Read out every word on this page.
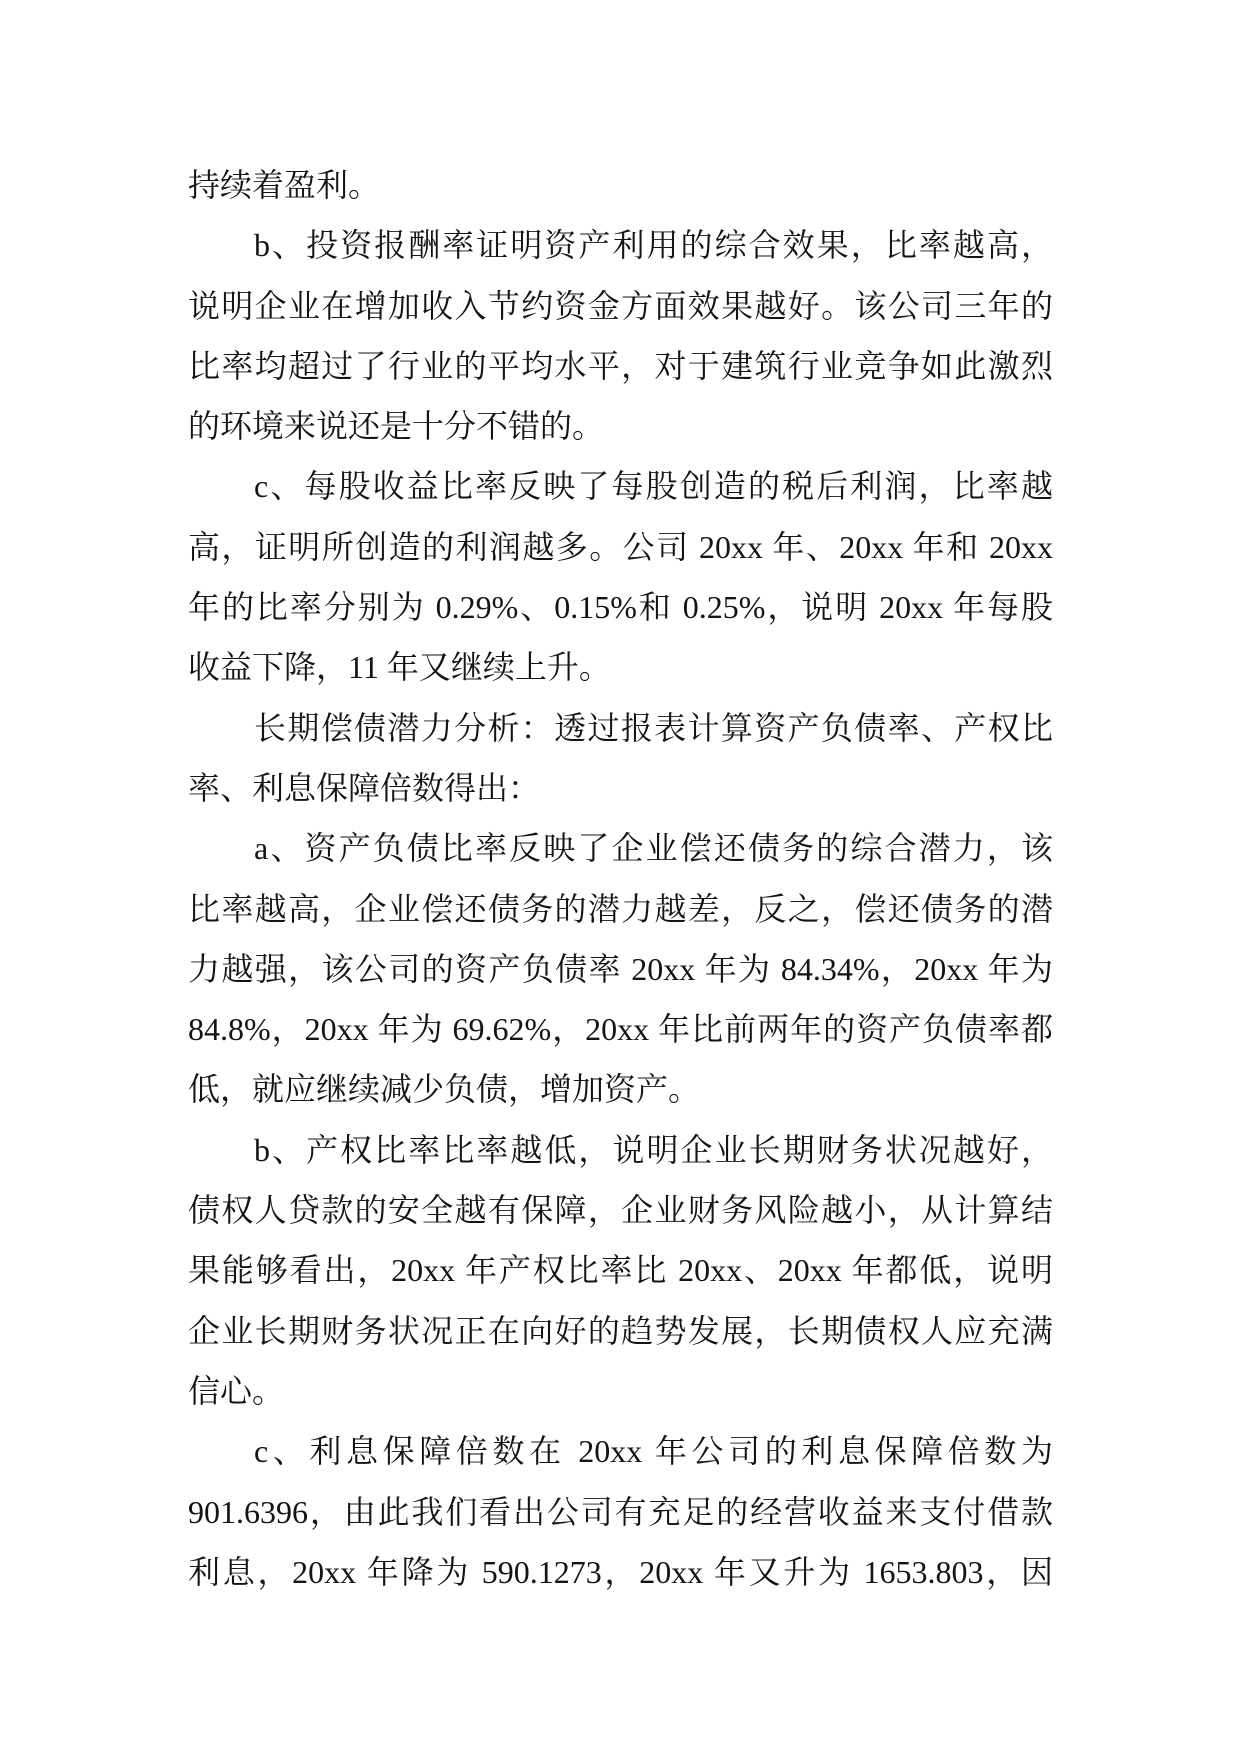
持续着盈利。

b、投资报酬率证明资产利用的综合效果，比率越高，
说明企业在增加收入节约资金方面效果越好。该公司三年的
比率均超过了行业的平均水平，对于建筑行业竞争如此激烈
的环境来说还是十分不错的。

c、每股收益比率反映了每股创造的税后利润，比率越
高，证明所创造的利润越多。公司 20xx 年、20xx 年和 20xx
年的比率分别为 0.29%、0.15%和 0.25%，说明 20xx 年每股
收益下降，11 年又继续上升。

长期偿债潜力分析：透过报表计算资产负债率、产权比
率、利息保障倍数得出：

a、资产负债比率反映了企业偿还债务的综合潜力，该
比率越高，企业偿还债务的潜力越差，反之，偿还债务的潜
力越强，该公司的资产负债率 20xx 年为 84.34%，20xx 年为
84.8%，20xx 年为 69.62%，20xx 年比前两年的资产负债率都
低，就应继续减少负债，增加资产。

b、产权比率比率越低，说明企业长期财务状况越好，
债权人贷款的安全越有保障，企业财务风险越小，从计算结
果能够看出，20xx 年产权比率比 20xx、20xx 年都低，说明
企业长期财务状况正在向好的趋势发展，长期债权人应充满
信心。

c、利息保障倍数在 20xx 年公司的利息保障倍数为
901.6396，由此我们看出公司有充足的经营收益来支付借款
利息，20xx 年降为 590.1273，20xx 年又升为 1653.803，因
